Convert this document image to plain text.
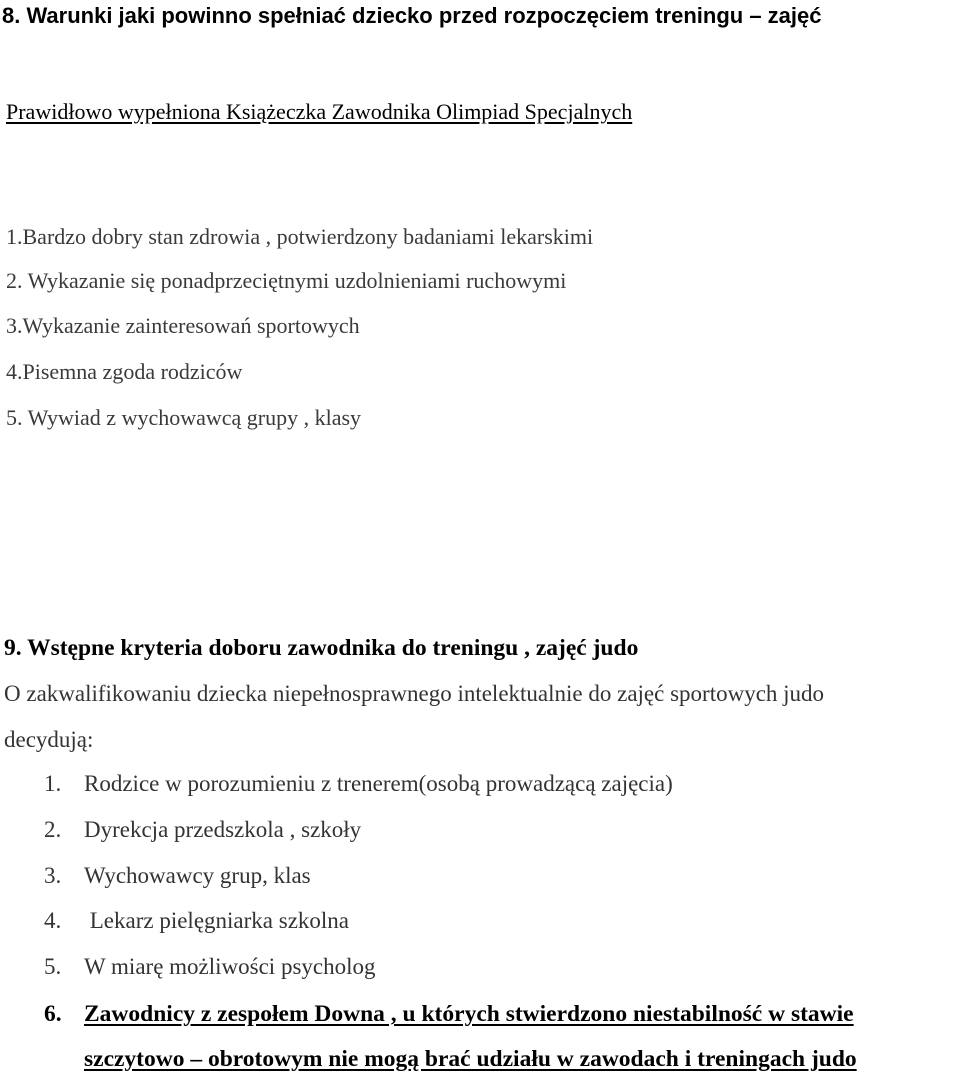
8. Warunki jaki powinno spełniać dziecko przed rozpoczęciem treningu – zajęć
Prawidłowo wypełniona Książeczka Zawodnika Olimpiad Specjalnych
1.Bardzo dobry stan zdrowia , potwierdzony badaniami lekarskimi
2. Wykazanie się ponadprzeciętnymi uzdolnieniami ruchowymi
3.Wykazanie zainteresowań sportowych
4.Pisemna zgoda rodziców
5. Wywiad z wychowawcą grupy , klasy
9. Wstępne kryteria doboru zawodnika do treningu , zajęć judo
O zakwalifikowaniu dziecka niepełnosprawnego intelektualnie do zajęć sportowych judo
decydują:
1. Rodzice w porozumieniu z trenerem(osobą prowadzącą zajęcia)
2. Dyrekcja przedszkola , szkoły
3. Wychowawcy grup, klas
4. Lekarz pielęgniarka szkolna
5. W miarę możliwości psycholog
6. Zawodnicy z zespołem Downa , u których stwierdzono niestabilność w stawie
szczytowo – obrotowym nie mogą brać udziału w zawodach i treningach judo
